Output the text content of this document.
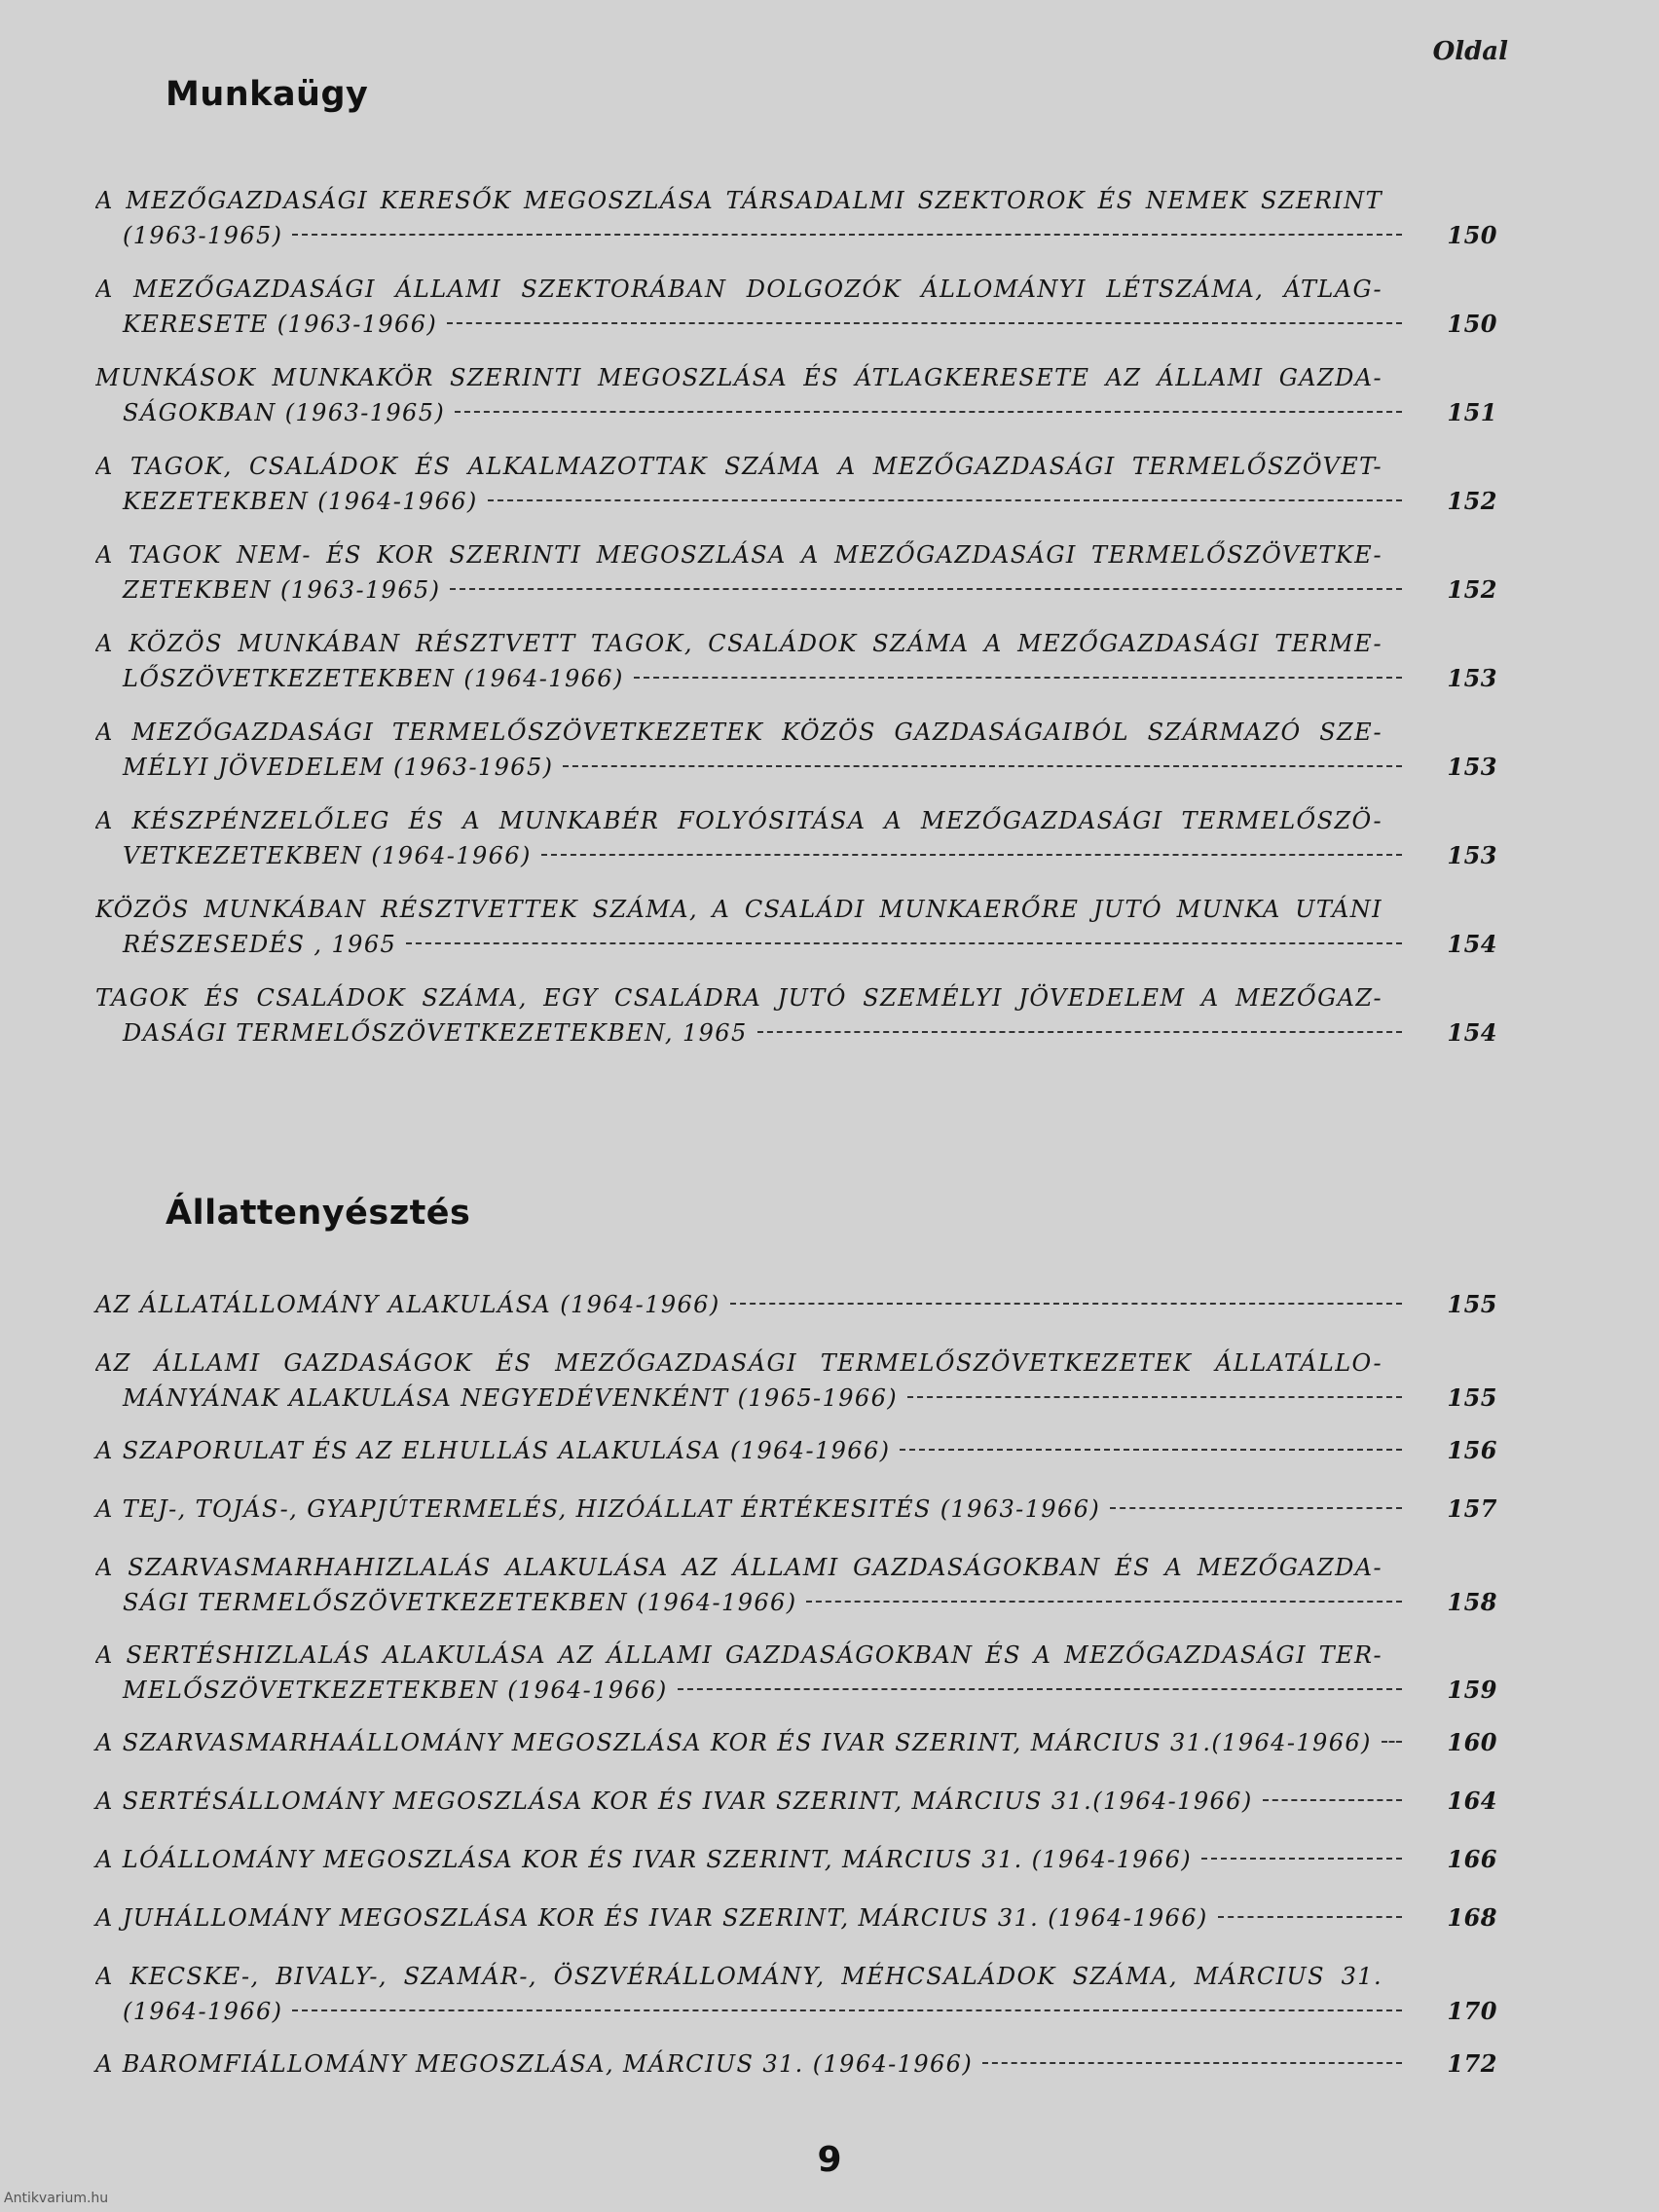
Oldal
Munkaügy
A MEZŐGAZDASÁGI KERESŐK MEGOSZLÁSA TÁRSADALMI SZEKTOROK ÉS NEMEK SZERINT
(1963-1965)	150
A MEZŐGAZDASÁGI ÁLLAMI SZEKTORÁBAN DOLGOZÓK ÁLLOMÁNYI LÉTSZÁMA, ÁTLAG-
KERESETE (1963-1966)	150
MUNKÁSOK MUNKAKÖR SZERINTI MEGOSZLÁSA ÉS ÁTLAGKERESETE AZ ÁLLAMI GAZDA-
SÁGOKBAN (1963-1965)	151
A TAGOK, CSALÁDOK ÉS ALKALMAZOTTAK SZÁMA A MEZŐGAZDASÁGI TERMELŐSZÖVET-
KEZETEKBEN (1964-1966)	152
A TAGOK NEM- ÉS KOR SZERINTI MEGOSZLÁSA A MEZŐGAZDASÁGI TERMELŐSZÖVETKE-
ZETEKBEN (1963-1965)	152
A KÖZÖS MUNKÁBAN RÉSZTVETT TAGOK, CSALÁDOK SZÁMA A MEZŐGAZDASÁGI TERME-
LŐSZÖVETKEZETEKBEN (1964-1966)	153
A MEZŐGAZDASÁGI TERMELŐSZÖVETKEZETEK KÖZÖS GAZDASÁGAIBÓL SZÁRMAZÓ SZE-
MÉLYI JÖVEDELEM (1963-1965)	153
A KÉSZPÉNZELŐLEG ÉS A MUNKABÉR FOLYÓSITÁSA A MEZŐGAZDASÁGI TERMELŐSZÖ-
VETKEZETEKBEN (1964-1966)	153
KÖZÖS MUNKÁBAN RÉSZTVETTEK SZÁMA, A CSALÁDI MUNKAERŐRE JUTÓ MUNKA UTÁNI
RÉSZESEDÉS , 1965	154
TAGOK ÉS CSALÁDOK SZÁMA, EGY CSALÁDRA JUTÓ SZEMÉLYI JÖVEDELEM A MEZŐGAZ-
DASÁGI TERMELŐSZÖVETKEZETEKBEN, 1965	154
Állattenyésztés
AZ ÁLLATÁLLOMÁNY ALAKULÁSA (1964-1966)	155
AZ ÁLLAMI GAZDASÁGOK ÉS MEZŐGAZDASÁGI TERMELŐSZÖVETKEZETEK ÁLLATÁLLO-
MÁNYÁNAK ALAKULÁSA NEGYEDÉVENKÉNT (1965-1966)	155
A SZAPORULAT ÉS AZ ELHULLÁS ALAKULÁSA (1964-1966)	156
A TEJ-, TOJÁS-, GYAPJÚTERMELÉS, HIZÓÁLLAT ÉRTÉKESITÉS (1963-1966)	157
A SZARVASMARHAHIZLALÁS ALAKULÁSA AZ ÁLLAMI GAZDASÁGOKBAN ÉS A MEZŐGAZDA-
SÁGI TERMELŐSZÖVETKEZETEKBEN (1964-1966)	158
A SERTÉSHIZLALÁS ALAKULÁSA AZ ÁLLAMI GAZDASÁGOKBAN ÉS A MEZŐGAZDASÁGI TER-
MELŐSZÖVETKEZETEKBEN (1964-1966)	159
A SZARVASMARHAÁLLOMÁNY MEGOSZLÁSA KOR ÉS IVAR SZERINT, MÁRCIUS 31.(1964-1966)	160
A SERTÉSÁLLOMÁNY MEGOSZLÁSA KOR ÉS IVAR SZERINT, MÁRCIUS 31.(1964-1966)	164
A LÓÁLLOMÁNY MEGOSZLÁSA KOR ÉS IVAR SZERINT, MÁRCIUS 31. (1964-1966)	166
A JUHÁLLOMÁNY MEGOSZLÁSA KOR ÉS IVAR SZERINT, MÁRCIUS 31. (1964-1966)	168
A KECSKE-, BIVALY-, SZAMÁR-, ÖSZVÉRÁLLOMÁNY, MÉHCSALÁDOK SZÁMA, MÁRCIUS 31.
(1964-1966)	170
A BAROMFIÁLLOMÁNY MEGOSZLÁSA, MÁRCIUS 31. (1964-1966)	172
9
Antikvarium.hu
